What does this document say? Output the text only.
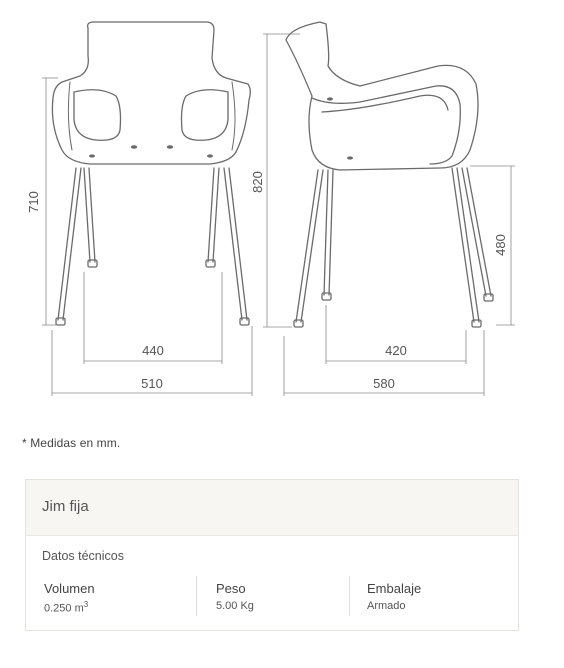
710
440
510
820
480
420
580
* Medidas en mm.
Jim fija
Datos técnicos
Volumen
0.250 $m^3$
Peso
5.00 Kg
Embalaje
Armado
